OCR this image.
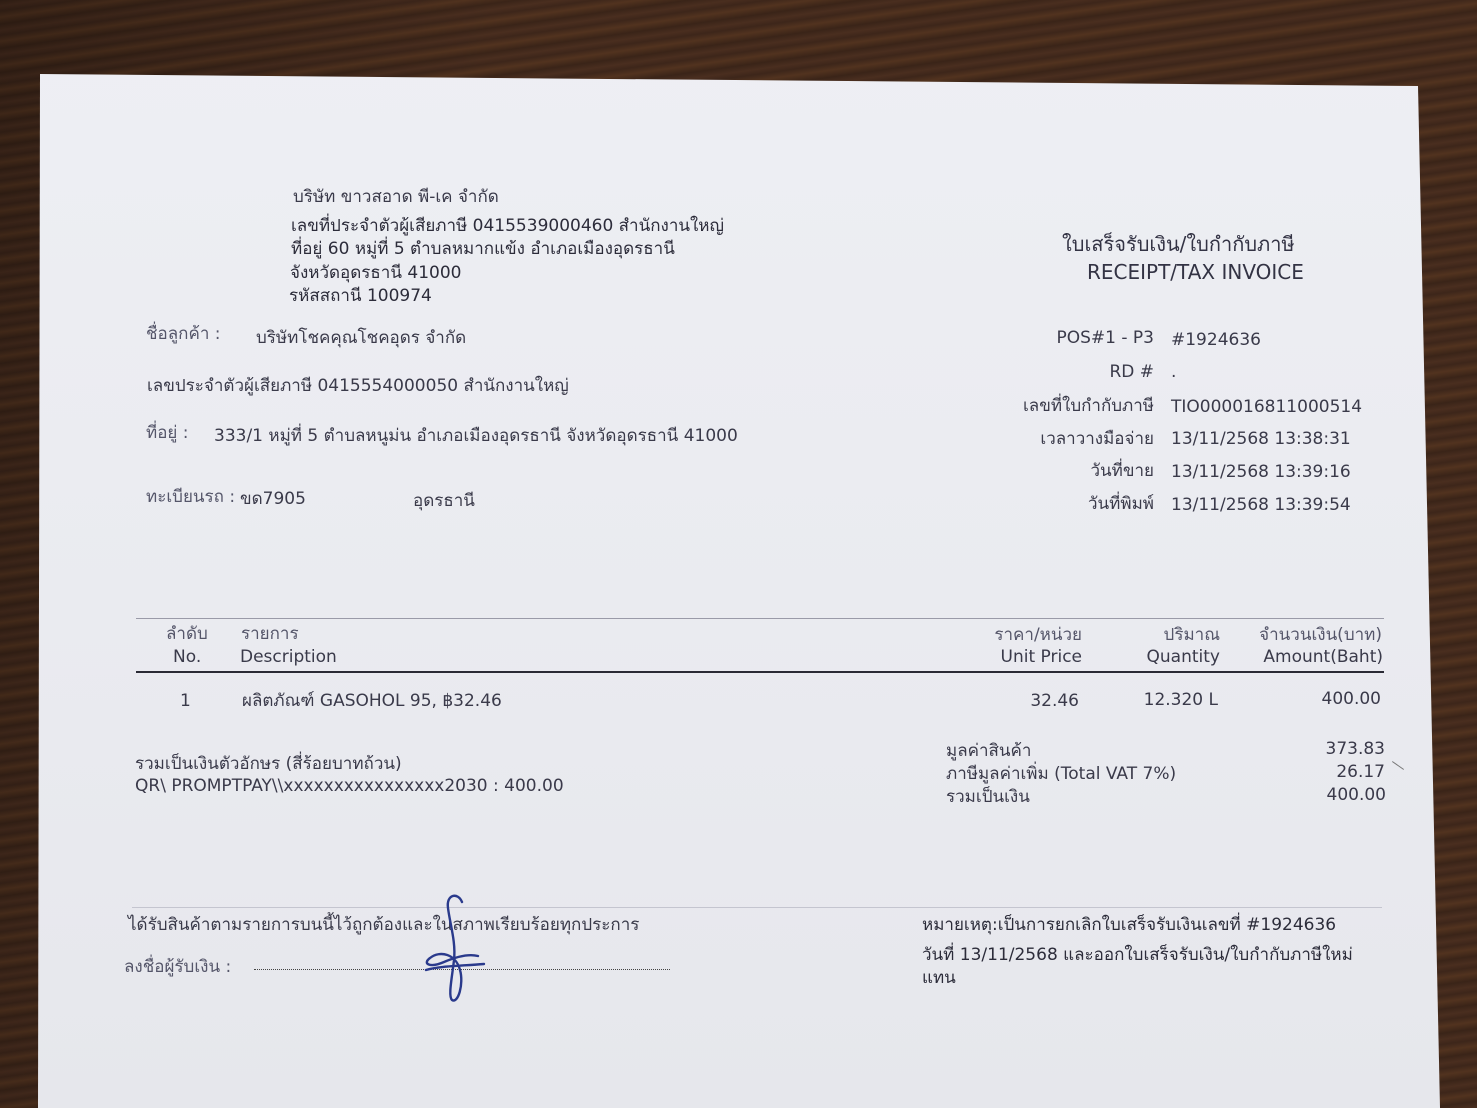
บริษัท ขาวสอาด พี-เค จำกัด
เลขที่ประจำตัวผู้เสียภาษี 0415539000460 สำนักงานใหญ่
ที่อยู่ 60 หมู่ที่ 5 ตำบลหมากแข้ง อำเภอเมืองอุดรธานี
จังหวัดอุดรธานี 41000
รหัสสถานี 100974
ใบเสร็จรับเงิน/ใบกำกับภาษี
RECEIPT/TAX INVOICE
ชื่อลูกค้า : บริษัทโชคคุณโชคอุดร จำกัด
เลขประจำตัวผู้เสียภาษี 0415554000050 สำนักงานใหญ่
ที่อยู่ : 333/1 หมู่ที่ 5 ตำบลหนูม่น อำเภอเมืองอุดรธานี จังหวัดอุดรธานี 41000
ทะเบียนรถ : ขด7905	อุดรธานี
POS#1 - P3 #1924636
RD # .
เลขที่ใบกำกับภาษี TIO000016811000514
เวลาวางมือจ่าย 13/11/2568 13:38:31
วันที่ขาย 13/11/2568 13:39:16
วันที่พิมพ์ 13/11/2568 13:39:54
ลำดับ รายการ	ราคา/หน่วย	ปริมาณ	จำนวนเงิน(บาท)
No. Description	Unit Price	Quantity	Amount(Baht)
1	ผลิตภัณฑ์ GASOHOL 95, ฿32.46	32.46	12.320 L	400.00
รวมเป็นเงินตัวอักษร (สี่ร้อยบาทถ้วน)
QR\ PROMPTPAY\\xxxxxxxxxxxxxxxx2030 : 400.00
มูลค่าสินค้า	373.83
ภาษีมูลค่าเพิ่ม (Total VAT 7%)	26.17
รวมเป็นเงิน	400.00
ได้รับสินค้าตามรายการบนนี้ไว้ถูกต้องและในสภาพเรียบร้อยทุกประการ
ลงชื่อผู้รับเงิน :
หมายเหตุ:เป็นการยกเลิกใบเสร็จรับเงินเลขที่ #1924636
วันที่ 13/11/2568 และออกใบเสร็จรับเงิน/ใบกำกับภาษีใหม่
แทน
